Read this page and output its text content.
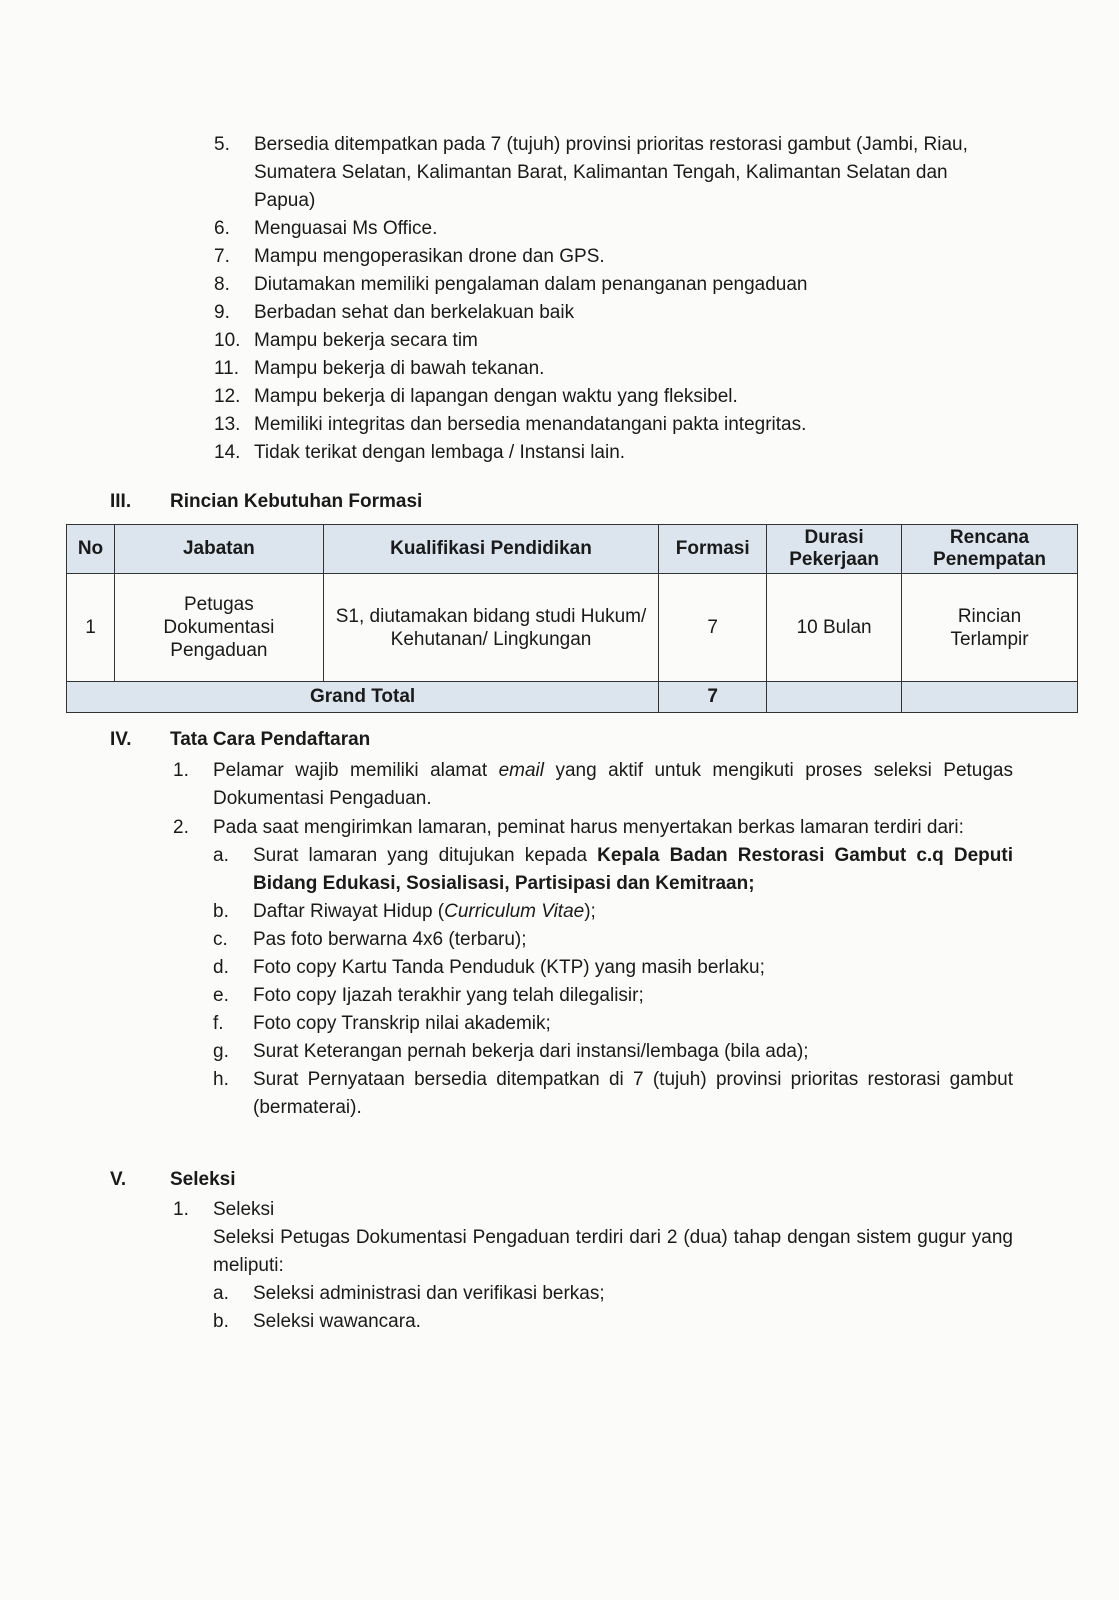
5.	Bersedia ditempatkan pada 7 (tujuh) provinsi prioritas restorasi gambut (Jambi, Riau, Sumatera Selatan, Kalimantan Barat, Kalimantan Tengah, Kalimantan Selatan dan Papua)
6.	Menguasai Ms Office.
7.	Mampu mengoperasikan drone dan GPS.
8.	Diutamakan memiliki pengalaman dalam penanganan pengaduan
9.	Berbadan sehat dan berkelakuan baik
10. Mampu bekerja secara tim
11. Mampu bekerja di bawah tekanan.
12. Mampu bekerja di lapangan dengan waktu yang fleksibel.
13. Memiliki integritas dan bersedia menandatangani pakta integritas.
14. Tidak terikat dengan lembaga / Instansi lain.
III.	Rincian Kebutuhan Formasi
No	Jabatan	Kualifikasi Pendidikan	Formasi	Durasi Pekerjaan	Rencana Penempatan
1	Petugas Dokumentasi Pengaduan	S1, diutamakan bidang studi Hukum/ Kehutanan/ Lingkungan	7	10 Bulan	Rincian Terlampir
Grand Total			7		
IV.	Tata Cara Pendaftaran
1.	Pelamar wajib memiliki alamat email yang aktif untuk mengikuti proses seleksi Petugas Dokumentasi Pengaduan.
2.	Pada saat mengirimkan lamaran, peminat harus menyertakan berkas lamaran terdiri dari:
a.	Surat lamaran yang ditujukan kepada Kepala Badan Restorasi Gambut c.q Deputi Bidang Edukasi, Sosialisasi, Partisipasi dan Kemitraan;
b.	Daftar Riwayat Hidup (Curriculum Vitae);
c.	Pas foto berwarna 4x6 (terbaru);
d.	Foto copy Kartu Tanda Penduduk (KTP) yang masih berlaku;
e.	Foto copy Ijazah terakhir yang telah dilegalisir;
f.	Foto copy Transkrip nilai akademik;
g.	Surat Keterangan pernah bekerja dari instansi/lembaga (bila ada);
h.	Surat Pernyataan bersedia ditempatkan di 7 (tujuh) provinsi prioritas restorasi gambut (bermaterai).
V.	Seleksi
1.	Seleksi
Seleksi Petugas Dokumentasi Pengaduan terdiri dari 2 (dua) tahap dengan sistem gugur yang meliputi:
a.	Seleksi administrasi dan verifikasi berkas;
b.	Seleksi wawancara.
